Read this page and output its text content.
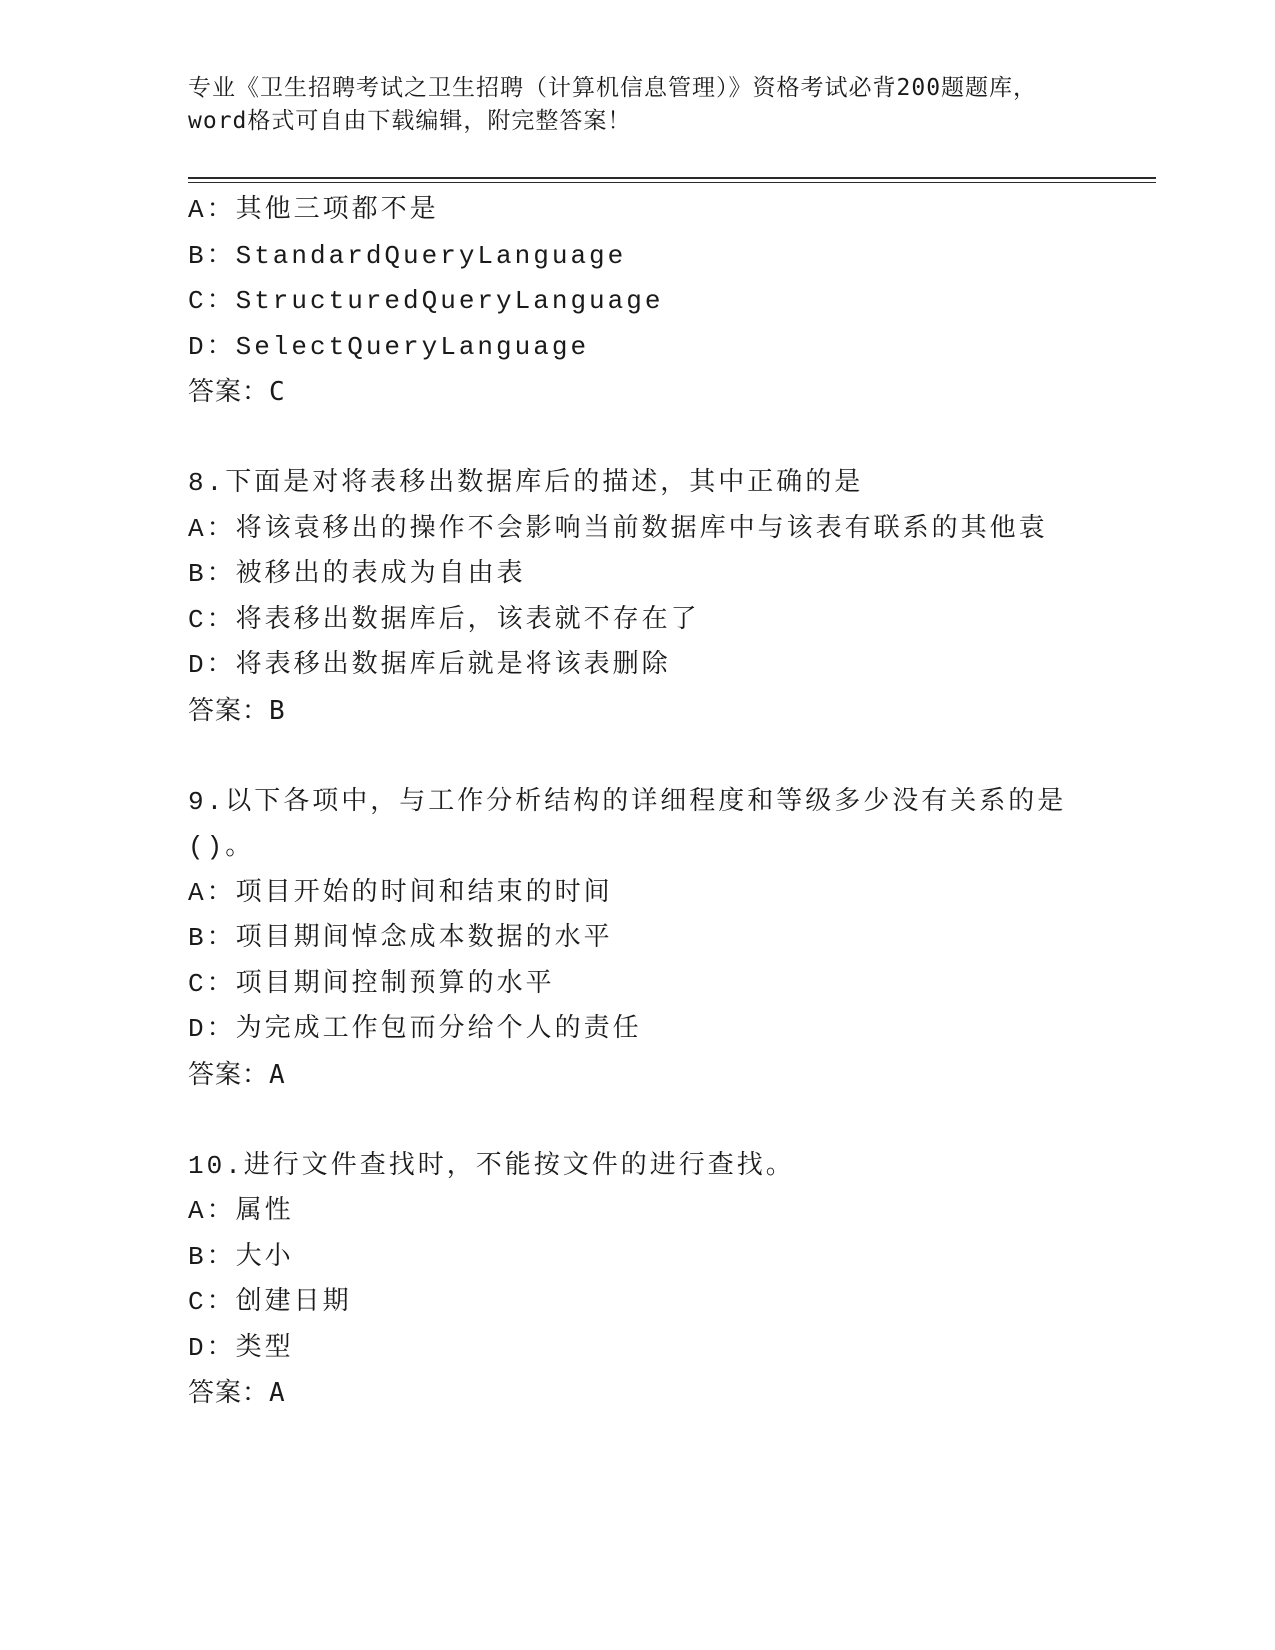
专业《卫生招聘考试之卫生招聘（计算机信息管理）》资格考试必背200题题库，
word格式可自由下载编辑，附完整答案！
A：其他三项都不是
B：StandardQueryLanguage
C：StructuredQueryLanguage
D：SelectQueryLanguage
答案：C
8.下面是对将表移出数据库后的描述，其中正确的是
A：将该袁移出的操作不会影响当前数据库中与该表有联系的其他袁
B：被移出的表成为自由表
C：将表移出数据库后，该表就不存在了
D：将表移出数据库后就是将该表删除
答案：B
9.以下各项中，与工作分析结构的详细程度和等级多少没有关系的是
()。
A：项目开始的时间和结束的时间
B：项目期间悼念成本数据的水平
C：项目期间控制预算的水平
D：为完成工作包而分给个人的责任
答案：A
10.进行文件查找时，不能按文件的进行查找。
A：属性
B：大小
C：创建日期
D：类型
答案：A
